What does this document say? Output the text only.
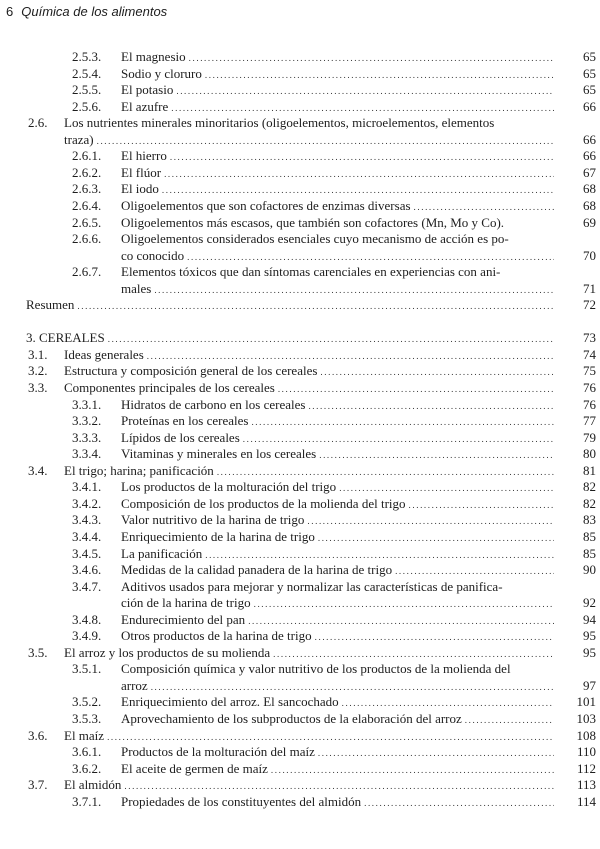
6 Química de los alimentos
2.5.3. El magnesio .....	65
2.5.4. Sodio y cloruro .....	65
2.5.5. El potasio .....	65
2.5.6. El azufre .....	66
2.6. Los nutrientes minerales minoritarios (oligoelementos, microelementos, elementos
traza) .....	66
2.6.1. El hierro .....	66
2.6.2. El flúor .....	67
2.6.3. El iodo .....	68
2.6.4. Oligoelementos que son cofactores de enzimas diversas .....	68
2.6.5. Oligoelementos más escasos, que también son cofactores (Mn, Mo y Co).	69
2.6.6. Oligoelementos considerados esenciales cuyo mecanismo de acción es po-
co conocido .....	70
2.6.7. Elementos tóxicos que dan síntomas carenciales en experiencias con ani-
males .....	71
Resumen .....	72
3. CEREALES .....	73
3.1. Ideas generales .....	74
3.2. Estructura y composición general de los cereales .....	75
3.3. Componentes principales de los cereales .....	76
3.3.1. Hidratos de carbono en los cereales .....	76
3.3.2. Proteínas en los cereales .....	77
3.3.3. Lípidos de los cereales .....	79
3.3.4. Vitaminas y minerales en los cereales .....	80
3.4. El trigo; harina; panificación .....	81
3.4.1. Los productos de la molturación del trigo .....	82
3.4.2. Composición de los productos de la molienda del trigo .....	82
3.4.3. Valor nutritivo de la harina de trigo .....	83
3.4.4. Enriquecimiento de la harina de trigo .....	85
3.4.5. La panificación .....	85
3.4.6. Medidas de la calidad panadera de la harina de trigo .....	90
3.4.7. Aditivos usados para mejorar y normalizar las características de panifica-
ción de la harina de trigo .....	92
3.4.8. Endurecimiento del pan .....	94
3.4.9. Otros productos de la harina de trigo .....	95
3.5. El arroz y los productos de su molienda .....	95
3.5.1. Composición química y valor nutritivo de los productos de la molienda del
arroz .....	97
3.5.2. Enriquecimiento del arroz. El sancochado .....	101
3.5.3. Aprovechamiento de los subproductos de la elaboración del arroz .....	103
3.6. El maíz .....	108
3.6.1. Productos de la molturación del maíz .....	110
3.6.2. El aceite de germen de maíz .....	112
3.7. El almidón .....	113
3.7.1. Propiedades de los constituyentes del almidón .....	114
